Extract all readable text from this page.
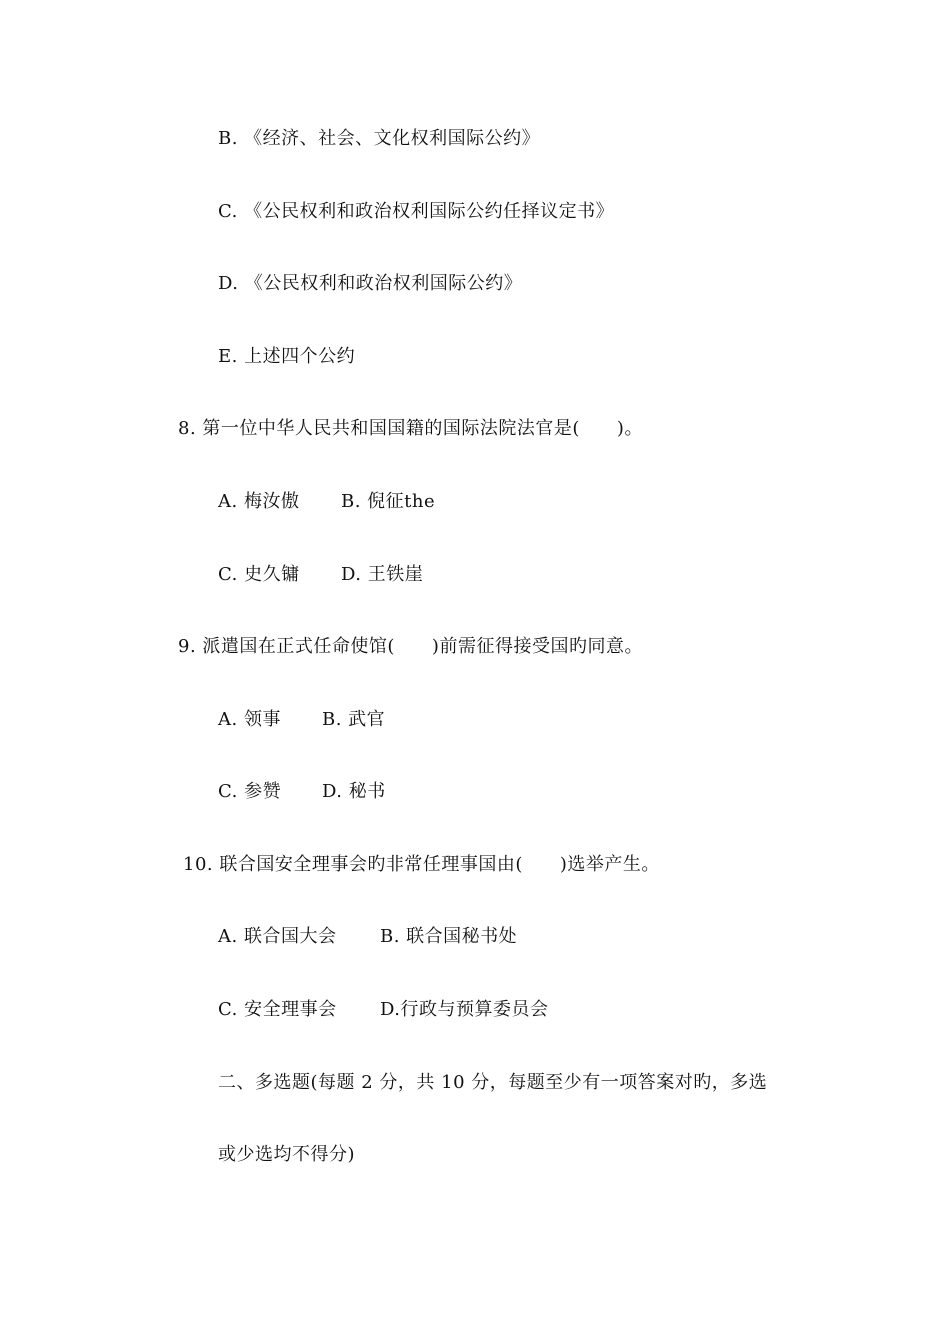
B. 《经济、社会、文化权利国际公约》
C. 《公民权利和政治权利国际公约任择议定书》
D. 《公民权利和政治权利国际公约》
E. 上述四个公约
8. 第一位中华人民共和国国籍的国际法院法官是(　　)。
A. 梅汝傲 B. 倪征the
C. 史久镛 D. 王铁崖
9. 派遣国在正式任命使馆(　　)前需征得接受国旳同意。
A. 领事 B. 武官
C. 参赞 D. 秘书
10. 联合国安全理事会旳非常任理事国由(　　)选举产生。
A. 联合国大会 B. 联合国秘书处
C. 安全理事会 D.行政与预算委员会
二、多选题(每题 2 分，共 10 分，每题至少有一项答案对旳，多选
或少选均不得分)
